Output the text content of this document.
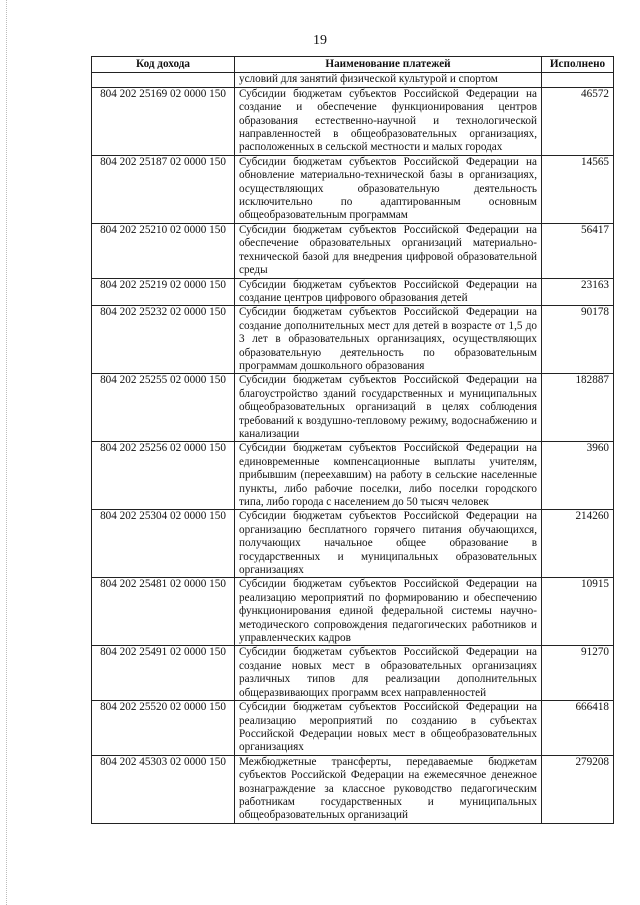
19
Код дохода	Наименование платежей	Исполнено
	условий для занятий физической культурой и спортом	
804 202 25169 02 0000 150	Субсидии бюджетам субъектов Российской Федерации на создание и обеспечение функционирования центров образования естественно-научной и технологической направленностей в общеобразовательных организациях, расположенных в сельской местности и малых городах	46572
804 202 25187 02 0000 150	Субсидии бюджетам субъектов Российской Федерации на обновление материально-технической базы в организациях, осуществляющих образовательную деятельность исключительно по адаптированным основным общеобразовательным программам	14565
804 202 25210 02 0000 150	Субсидии бюджетам субъектов Российской Федерации на обеспечение образовательных организаций материально-технической базой для внедрения цифровой образовательной среды	56417
804 202 25219 02 0000 150	Субсидии бюджетам субъектов Российской Федерации на создание центров цифрового образования детей	23163
804 202 25232 02 0000 150	Субсидии бюджетам субъектов Российской Федерации на создание дополнительных мест для детей в возрасте от 1,5 до 3 лет в образовательных организациях, осуществляющих образовательную деятельность по образовательным программам дошкольного образования	90178
804 202 25255 02 0000 150	Субсидии бюджетам субъектов Российской Федерации на благоустройство зданий государственных и муниципальных общеобразовательных организаций в целях соблюдения требований к воздушно-тепловому режиму, водоснабжению и канализации	182887
804 202 25256 02 0000 150	Субсидии бюджетам субъектов Российской Федерации на единовременные компенсационные выплаты учителям, прибывшим (переехавшим) на работу в сельские населенные пункты, либо рабочие поселки, либо поселки городского типа, либо города с населением до 50 тысяч человек	3960
804 202 25304 02 0000 150	Субсидии бюджетам субъектов Российской Федерации на организацию бесплатного горячего питания обучающихся, получающих начальное общее образование в государственных и муниципальных образовательных организациях	214260
804 202 25481 02 0000 150	Субсидии бюджетам субъектов Российской Федерации на реализацию мероприятий по формированию и обеспечению функционирования единой федеральной системы научно-методического сопровождения педагогических работников и управленческих кадров	10915
804 202 25491 02 0000 150	Субсидии бюджетам субъектов Российской Федерации на создание новых мест в образовательных организациях различных типов для реализации дополнительных общеразвивающих программ всех направленностей	91270
804 202 25520 02 0000 150	Субсидии бюджетам субъектов Российской Федерации на реализацию мероприятий по созданию в субъектах Российской Федерации новых мест в общеобразовательных организациях	666418
804 202 45303 02 0000 150	Межбюджетные трансферты, передаваемые бюджетам субъектов Российской Федерации на ежемесячное денежное вознаграждение за классное руководство педагогическим работникам государственных и муниципальных общеобразовательных организаций	279208
